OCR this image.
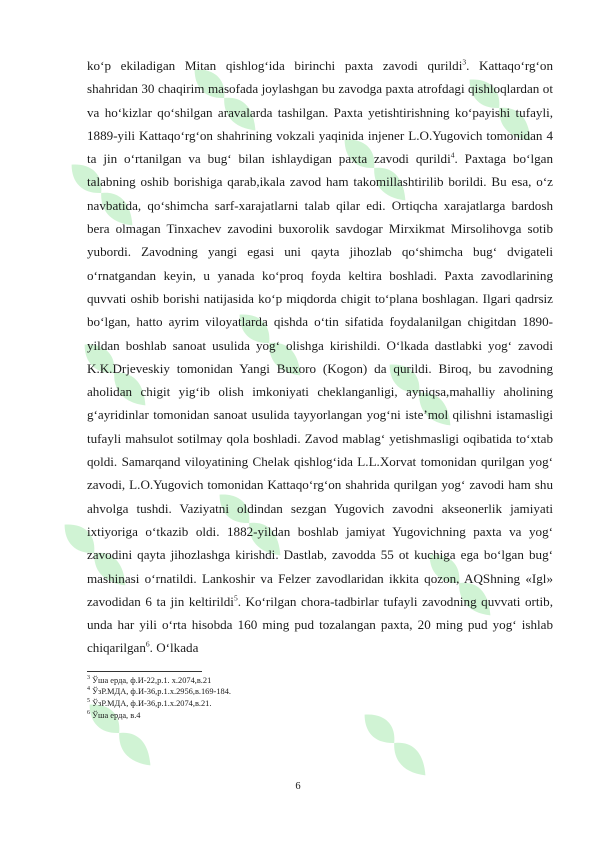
ko‘p ekiladigan Mitan qishlog‘ida birinchi paxta zavodi qurildi$^3$. Kattaqo‘rg‘on shahridan 30 chaqirim masofada joylashgan bu zavodga paxta atrofdagi qishloqlardan ot va ho‘kizlar qo‘shilgan aravalarda tashilgan. Paxta yetishtirishning ko‘payishi tufayli, 1889-yili Kattaqo‘rg‘on shahrining vokzali yaqinida injener L.O.Yugovich tomonidan 4 ta jin o‘rtanilgan va bug‘ bilan ishlaydigan paxta zavodi qurildi$^4$. Paxtaga bo‘lgan talabning oshib borishiga qarab,ikala zavod ham takomillashtirilib borildi. Bu esa, o‘z navbatida, qo‘shimcha sarf-xarajatlarni talab qilar edi. Ortiqcha xarajatlarga bardosh bera olmagan Tinxachev zavodini buxorolik savdogar Mirxikmat Mirsolihovga sotib yubordi. Zavodning yangi egasi uni qayta jihozlab qo‘shimcha bug‘ dvigateli o‘rnatgandan keyin, u yanada ko‘proq foyda keltira boshladi. Paxta zavodlarining quvvati oshib borishi natijasida ko‘p miqdorda chigit to‘plana boshlagan. Ilgari qadrsiz bo‘lgan, hatto ayrim viloyatlarda qishda o‘tin sifatida foydalanilgan chigitdan 1890-yildan boshlab sanoat usulida yog‘ olishga kirishildi. O‘lkada dastlabki yog‘ zavodi K.K.Drjeveskiy tomonidan Yangi Buxoro (Kogon) da qurildi. Biroq, bu zavodning aholidan chigit yig‘ib olish imkoniyati cheklanganligi, ayniqsa,mahalliy aholining g‘ayridinlar tomonidan sanoat usulida tayyorlangan yog‘ni iste’mol qilishni istamasligi tufayli mahsulot sotilmay qola boshladi. Zavod mablag‘ yetishmasligi oqibatida to‘xtab qoldi. Samarqand viloyatining Chelak qishlog‘ida L.L.Xorvat tomonidan qurilgan yog‘ zavodi, L.O.Yugovich tomonidan Kattaqo‘rg‘on shahrida qurilgan yog‘ zavodi ham shu ahvolga tushdi. Vaziyatni oldindan sezgan Yugovich zavodni akseonerlik jamiyati ixtiyoriga o‘tkazib oldi. 1882-yildan boshlab jamiyat Yugovichning paxta va yog‘ zavodini qayta jihozlashga kirishdi. Dastlab, zavodda 55 ot kuchiga ega bo‘lgan bug‘ mashinasi o‘rnatildi. Lankoshir va Felzer zavodlaridan ikkita qozon, AQShning «Igl» zavodidan 6 ta jin keltirildi$^5$. Ko‘rilgan chora-tadbirlar tufayli zavodning quvvati ortib, unda har yili o‘rta hisobda 160 ming pud tozalangan paxta, 20 ming pud yog‘ ishlab chiqarilgan$^6$. O‘lkada

$^3$ Ўша ерда, ф.И-22,р.1. х.2074,в.21

$^4$ ЎзР.МДА, ф.И-36,р.1.х.2956,в.169-184.

$^5$ ЎзР.МДА, ф.И-36,р.1.х.2074,в.21.

$^6$ Ўша ерда, в.4

6
